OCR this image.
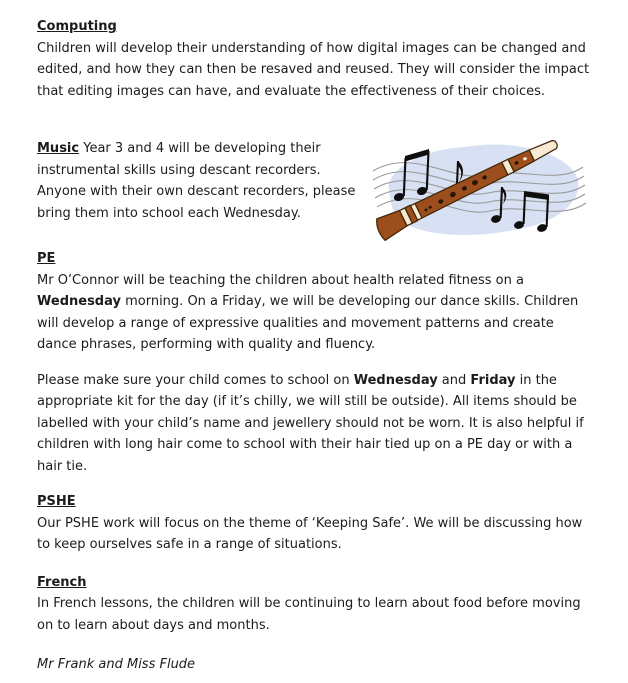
Computing

Children will develop their understanding of how digital images can be changed and edited, and how they can then be resaved and reused. They will consider the impact that editing images can have, and evaluate the effectiveness of their choices.

Music Year 3 and 4 will be developing their instrumental skills using descant recorders. Anyone with their own descant recorders, please bring them into school each Wednesday.

PE

Mr O’Connor will be teaching the children about health related fitness on a Wednesday morning. On a Friday, we will be developing our dance skills. Children will develop a range of expressive qualities and movement patterns and create dance phrases, performing with quality and fluency.

Please make sure your child comes to school on Wednesday and Friday in the appropriate kit for the day (if it’s chilly, we will still be outside). All items should be labelled with your child’s name and jewellery should not be worn. It is also helpful if children with long hair come to school with their hair tied up on a PE day or with a hair tie.

PSHE

Our PSHE work will focus on the theme of ‘Keeping Safe’. We will be discussing how to keep ourselves safe in a range of situations.

French

In French lessons, the children will be continuing to learn about food before moving on to learn about days and months.

Mr Frank and Miss Flude
